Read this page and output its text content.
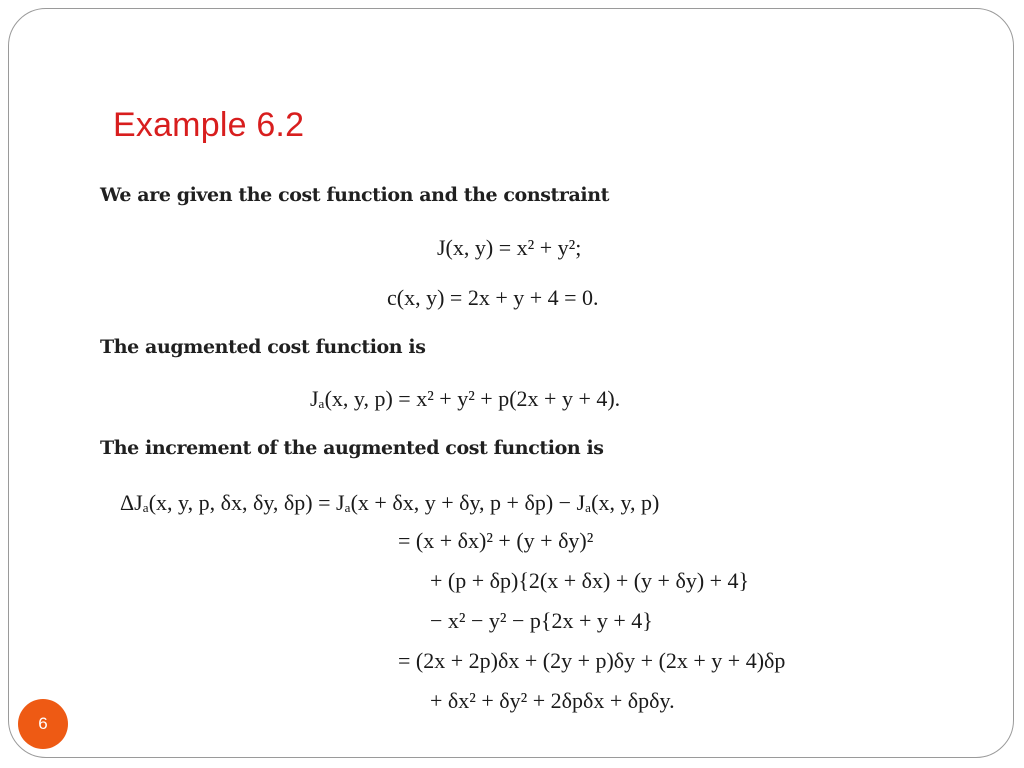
Example 6.2
We are given the cost function and the constraint
J(x, y) = x² + y²;
c(x, y) = 2x + y + 4 = 0.
The augmented cost function is
Jₐ(x, y, p) = x² + y² + p(2x + y + 4).
The increment of the augmented cost function is
ΔJₐ(x, y, p, δx, δy, δp) = Jₐ(x + δx, y + δy, p + δp) − Jₐ(x, y, p)
= (x + δx)² + (y + δy)²
+ (p + δp){2(x + δx) + (y + δy) + 4}
− x² − y² − p{2x + y + 4}
= (2x + 2p)δx + (2y + p)δy + (2x + y + 4)δp
+ δx² + δy² + 2δpδx + δpδy.
6
